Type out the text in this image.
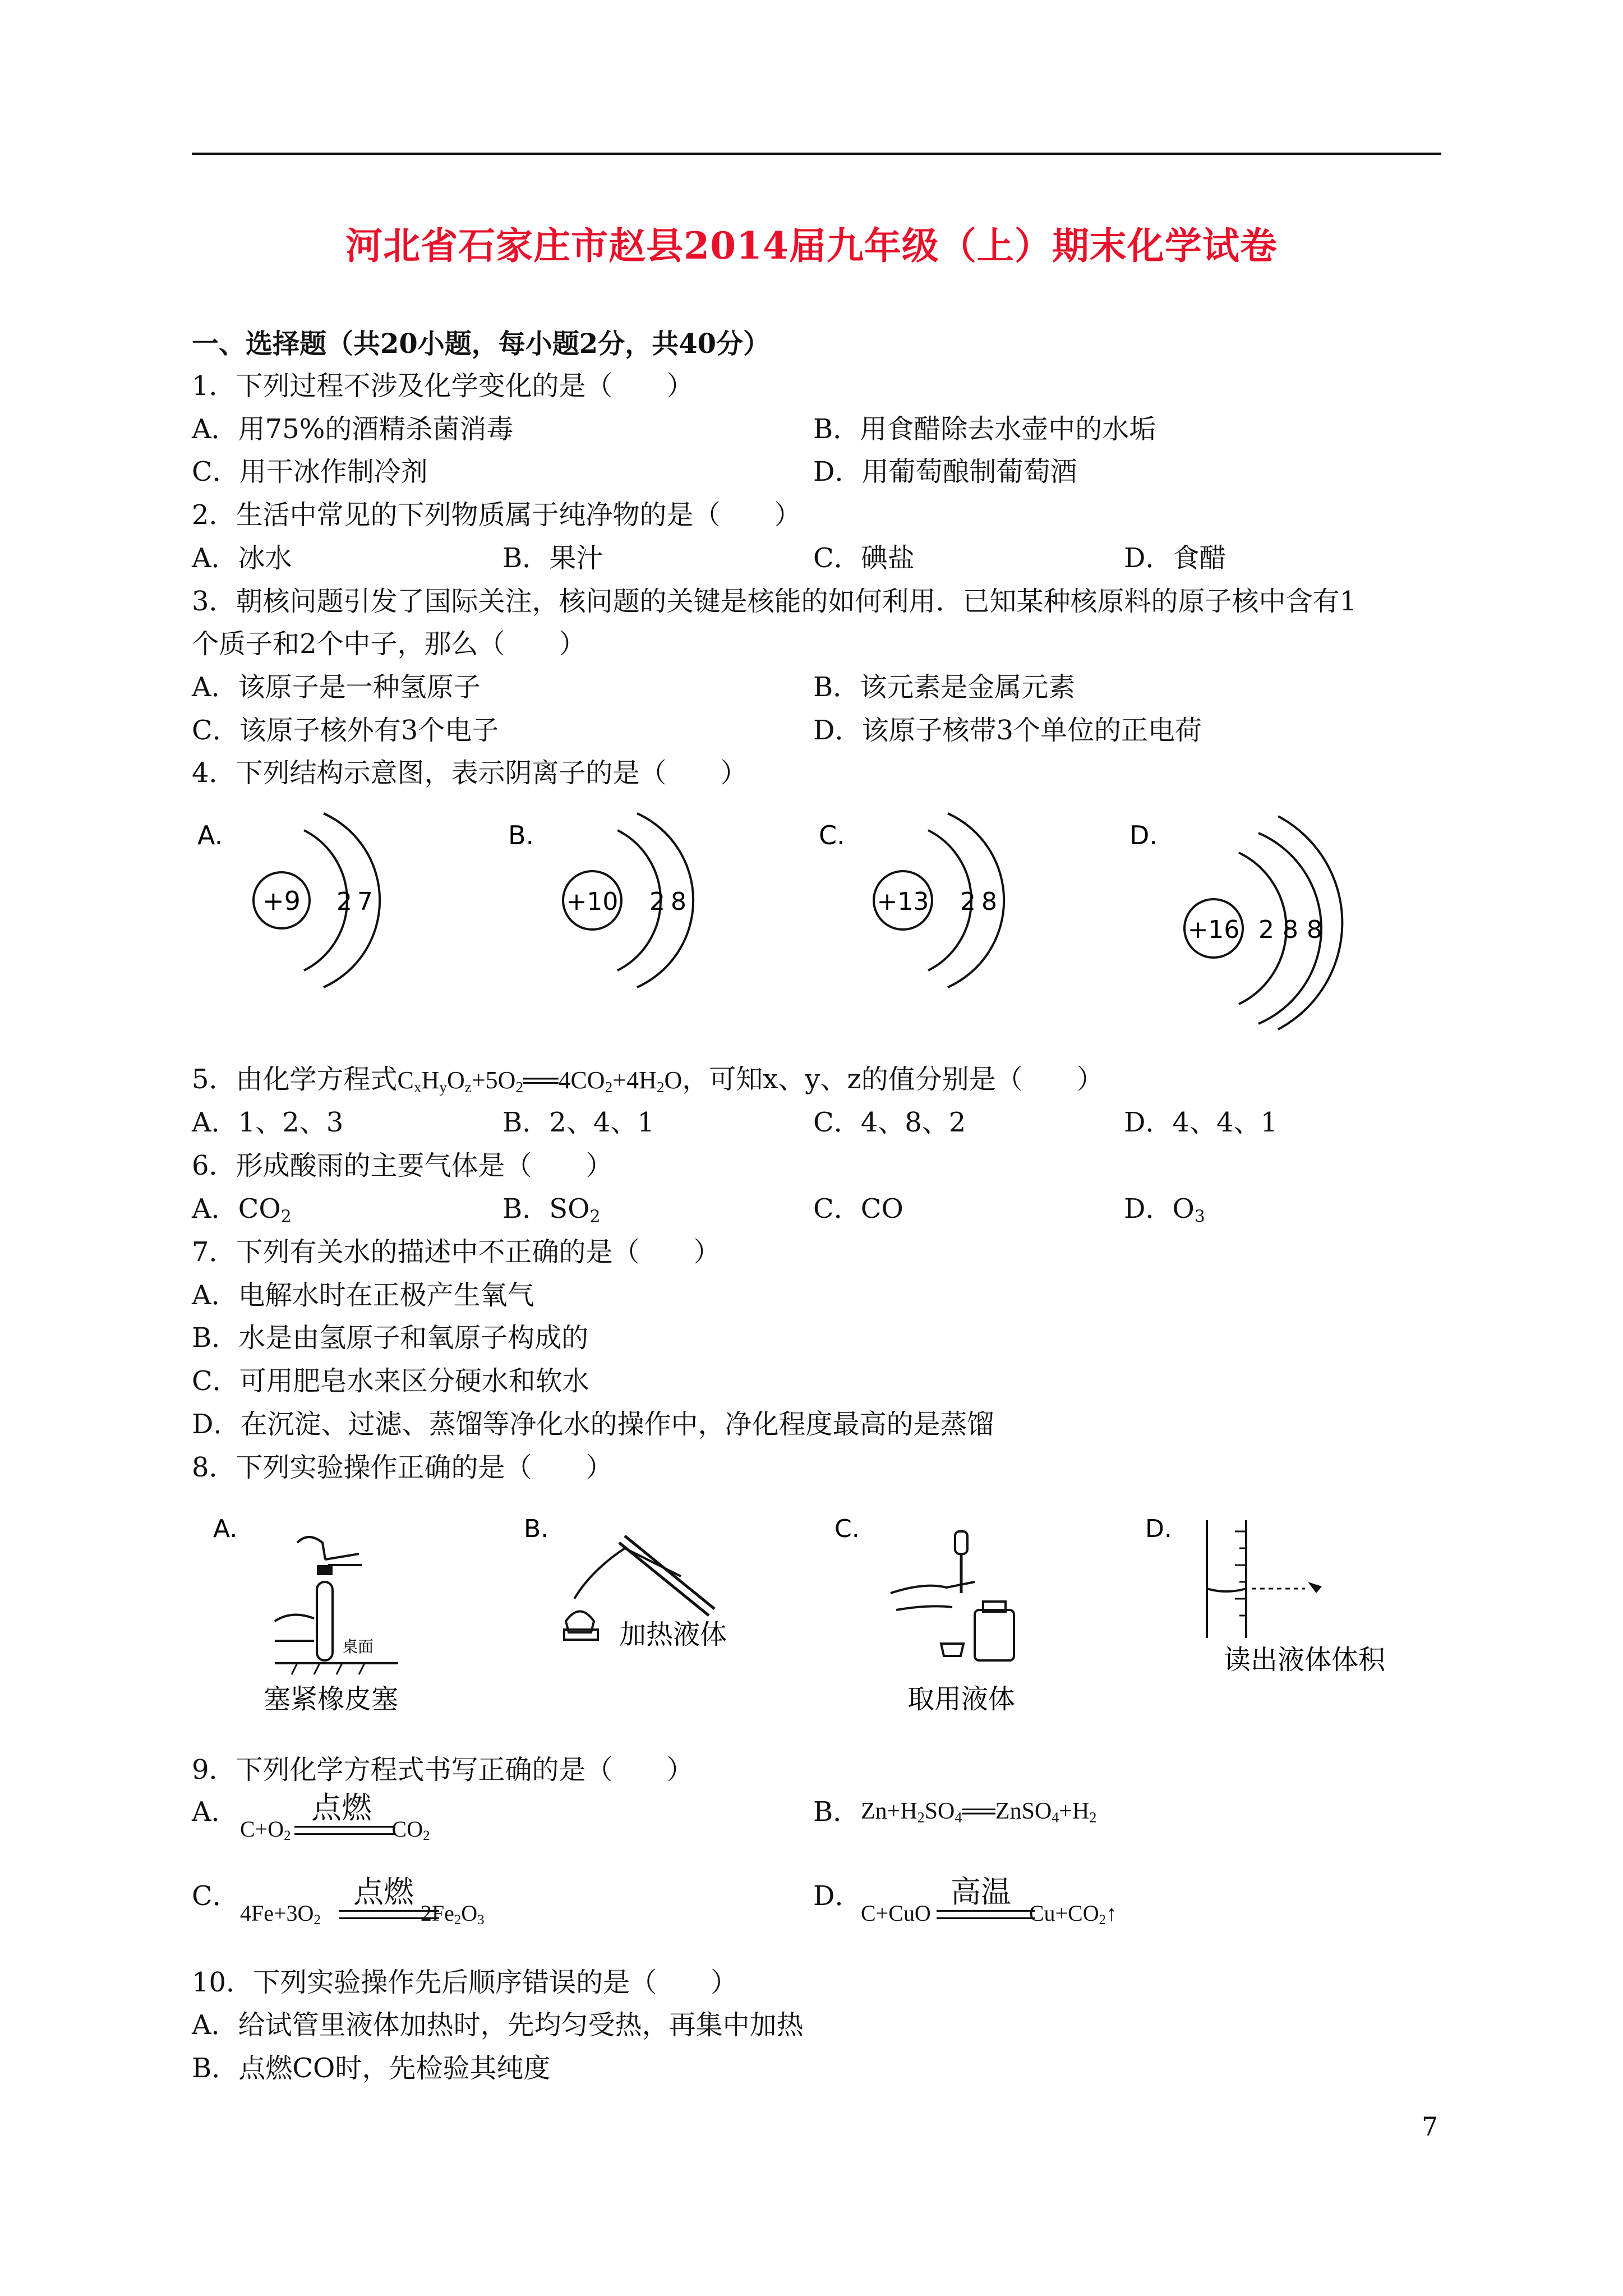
河北省石家庄市赵县2014届九年级（上）期末化学试卷
一、选择题（共20小题，每小题2分，共40分）
1．下列过程不涉及化学变化的是（　　）
A．用75%的酒精杀菌消毒	B．用食醋除去水壶中的水垢
C．用干冰作制冷剂	D．用葡萄酿制葡萄酒
2．生活中常见的下列物质属于纯净物的是（　　）
A．冰水	B．果汁	C．碘盐	D．食醋
3．朝核问题引发了国际关注，核问题的关键是核能的如何利用．已知某种核原料的原子核中含有1
个质子和2个中子，那么（　　）
A．该原子是一种氢原子	B．该元素是金属元素
C．该原子核外有3个电子	D．该原子核带3个单位的正电荷
4．下列结构示意图，表示阴离子的是（　　）
A.
+9 2 7
B.
+10 2 8
C.
+13 2 8
D.
+16 2 8 8
5．由化学方程式$C_xH_yO_z+5O_2══4CO_2+4H_2O$，可知x、y、z的值分别是（　　）
A．1、2、3	B．2、4、1	C．4、8、2	D．4、4、1
6．形成酸雨的主要气体是（　　）
A．$CO_2$	B．$SO_2$	C．CO	D．$O_3$
7．下列有关水的描述中不正确的是（　　）
A．电解水时在正极产生氧气
B．水是由氢原子和氧原子构成的
C．可用肥皂水来区分硬水和软水
D．在沉淀、过滤、蒸馏等净化水的操作中，净化程度最高的是蒸馏
8．下列实验操作正确的是（　　）
A.
桌面
塞紧橡皮塞
B.
加热液体
C.
取用液体
D.
读出液体体积
9．下列化学方程式书写正确的是（　　）
A． 点燃
$C+O_2$	$CO_2$
B． $Zn+H_2SO_4══ZnSO_4+H_2$
C．	点燃
$4Fe+3O_2$	$2Fe_2O_3$
D．	高温
C+CuO	$Cu+CO_2↑$
10．下列实验操作先后顺序错误的是（　　）
A．给试管里液体加热时，先均匀受热，再集中加热
B．点燃CO时，先检验其纯度
7
